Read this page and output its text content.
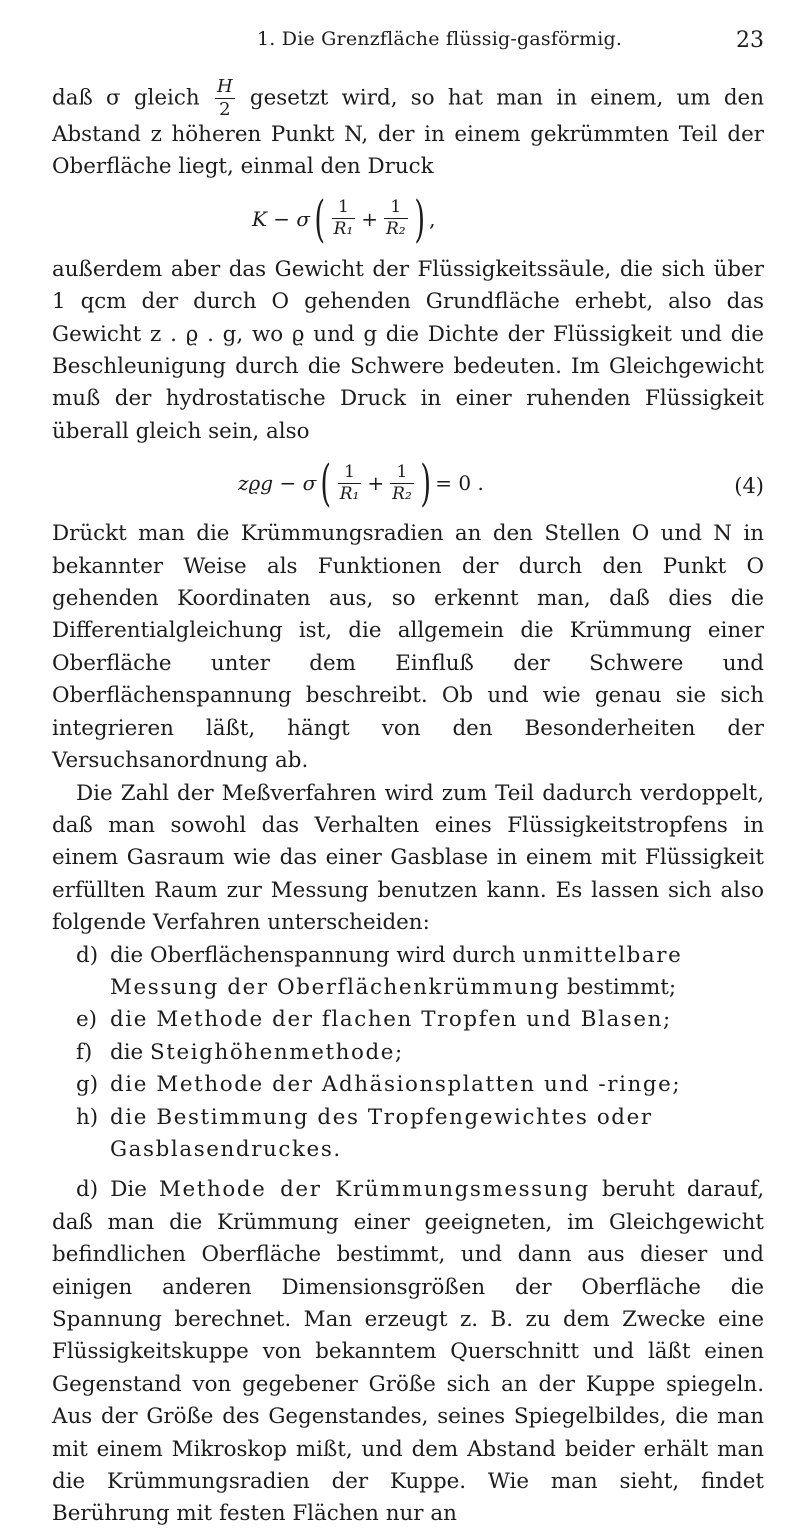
1. Die Grenzfläche flüssig-gasförmig.	23

daß σ gleich $\frac{H}{2}$ gesetzt wird, so hat man in einem, um den Abstand z höheren Punkt N, der in einem gekrümmten Teil der Oberfläche liegt, einmal den Druck

K − σ ( $\frac{1}{\text{R₁}} + \frac{1}{\text{R₂}}$ ) ,

außerdem aber das Gewicht der Flüssigkeitssäule, die sich über 1 qcm der durch O gehenden Grundfläche erhebt, also das Gewicht z . ϱ . g, wo ϱ und g die Dichte der Flüssigkeit und die Beschleunigung durch die Schwere bedeuten. Im Gleichgewicht muß der hydrostatische Druck in einer ruhenden Flüssigkeit überall gleich sein, also

zϱg − σ ( $\frac{1}{\text{R₁}} + \frac{1}{\text{R₂}}$ ) = 0 .	(4)

Drückt man die Krümmungsradien an den Stellen O und N in bekannter Weise als Funktionen der durch den Punkt O gehenden Koordinaten aus, so erkennt man, daß dies die Differentialgleichung ist, die allgemein die Krümmung einer Oberfläche unter dem Einfluß der Schwere und Oberflächenspannung beschreibt. Ob und wie genau sie sich integrieren läßt, hängt von den Besonderheiten der Versuchsanordnung ab.

Die Zahl der Meßverfahren wird zum Teil dadurch verdoppelt, daß man sowohl das Verhalten eines Flüssigkeitstropfens in einem Gasraum wie das einer Gasblase in einem mit Flüssigkeit erfüllten Raum zur Messung benutzen kann. Es lassen sich also folgende Verfahren unterscheiden:

d) die Oberflächenspannung wird durch unmittelbare Messung der Oberflächenkrümmung bestimmt;
e) die Methode der flachen Tropfen und Blasen;
f) die Steighöhenmethode;
g) die Methode der Adhäsionsplatten und -ringe;
h) die Bestimmung des Tropfengewichtes oder Gasblasendruckes.

d) Die Methode der Krümmungsmessung beruht darauf, daß man die Krümmung einer geeigneten, im Gleichgewicht befindlichen Oberfläche bestimmt, und dann aus dieser und einigen anderen Dimensionsgrößen der Oberfläche die Spannung berechnet. Man erzeugt z. B. zu dem Zwecke eine Flüssigkeitskuppe von bekanntem Querschnitt und läßt einen Gegenstand von gegebener Größe sich an der Kuppe spiegeln. Aus der Größe des Gegenstandes, seines Spiegelbildes, die man mit einem Mikroskop mißt, und dem Abstand beider erhält man die Krümmungsradien der Kuppe. Wie man sieht, findet Berührung mit festen Flächen nur an
